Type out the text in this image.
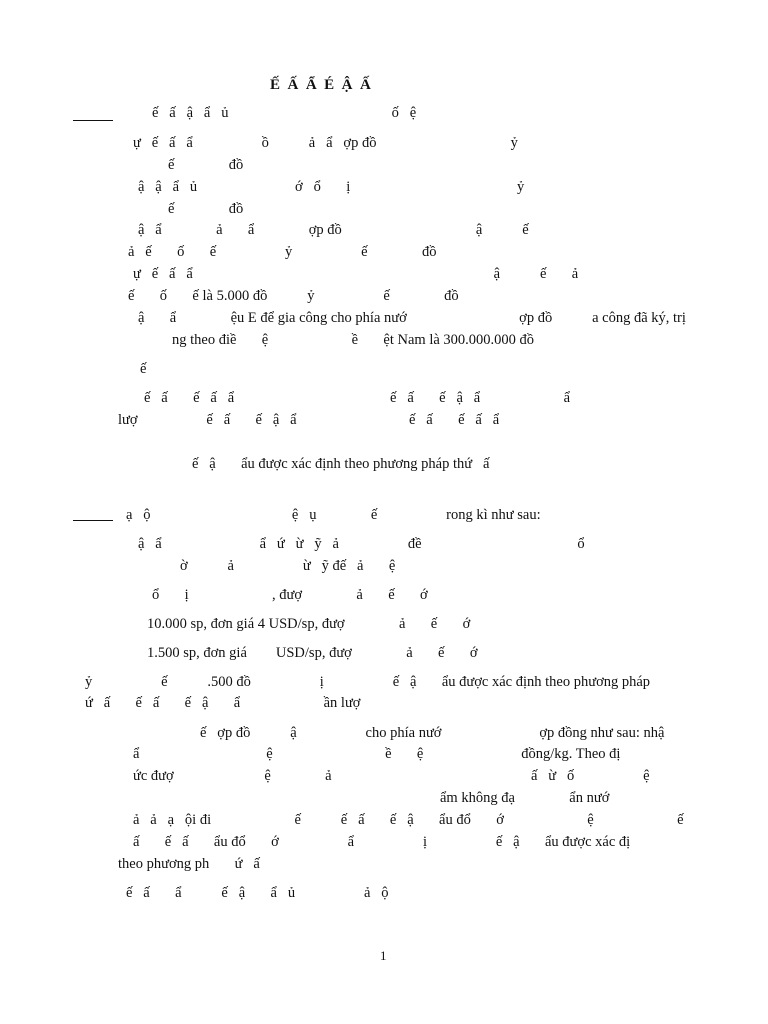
Ế  Ấ  Ẩ  É  Ậ  Ấ
ế   ấ   ậ   ẩ   ủ                                             ố   ệ
ự   ế   ấ   ẩ                   ồ           ả   ẩ   ợp đồ                                     ỷ
ế               đồ
ậ   ậ   ẩ   ủ                           ớ   ổ       ị                                              ỷ
ế               đồ
ậ   ẩ               ả       ẩ               ợp đồ                                     ậ           ế
ả   ế       ố       ế                   ỷ                   ế               đồ
ự   ế   ấ   ẩ                                                                                   ậ           ế       ả
ế       ố       ế là 5.000 đồ           ỷ                   ế               đồ
ậ       ẩ               ệu E để gia công cho phía nướ                               ợp đồ           a công đã ký, trị
ng theo điề       ệ                       ề       ệt Nam là 300.000.000 đồ
ế
ế   ấ       ế   ấ   ẩ                                           ế   ấ       ế   ậ   ẩ                       ẩ
lượ                   ế   ấ       ế   ậ   ẩ                               ế   ấ       ế   ấ   ẩ
ế   ậ       ẩu được xác định theo phương pháp thứ   ấ
ạ   ộ                                       ệ   ụ               ế                   rong kì như sau:
ậ   ẩ                           ẩ   ứ   ừ   ỹ   ả                   đề                                           ổ
ờ           ả                   ừ   ỹ đế   ả       ệ
ổ       ị                       , đượ               ả       ế       ớ
10.000 sp, đơn giá 4 USD/sp, đượ               ả       ế       ớ
1.500 sp, đơn giá        USD/sp, đượ               ả       ế       ớ
ỷ                   ế           .500 đồ                   ị                   ế   ậ       ẩu được xác định theo phương pháp
ứ   ấ       ế   ấ       ế   ậ       ẩ                       ần lượ
ế   ợp đồ           ậ                   cho phía nướ                           ợp đồng như sau: nhậ
ẩ                                   ệ                               ề       ệ                           đồng/kg. Theo đị
ức đượ                         ệ               ả                                                       ấ   ừ   ố                   ệ
ẩm không đạ               ẩn nướ
ả   ả   ạ   ội đi                       ế           ế   ấ       ế   ậ       ẩu đổ       ớ                       ệ                       ế
ấ       ế   ấ       ẩu đổ       ớ                   ẩ                   ị                   ế   ậ       ẩu được xác đị
theo phương ph       ứ   ấ
ế   ấ       ẩ           ế   ậ       ẩ   ủ                   ả   ộ
1
